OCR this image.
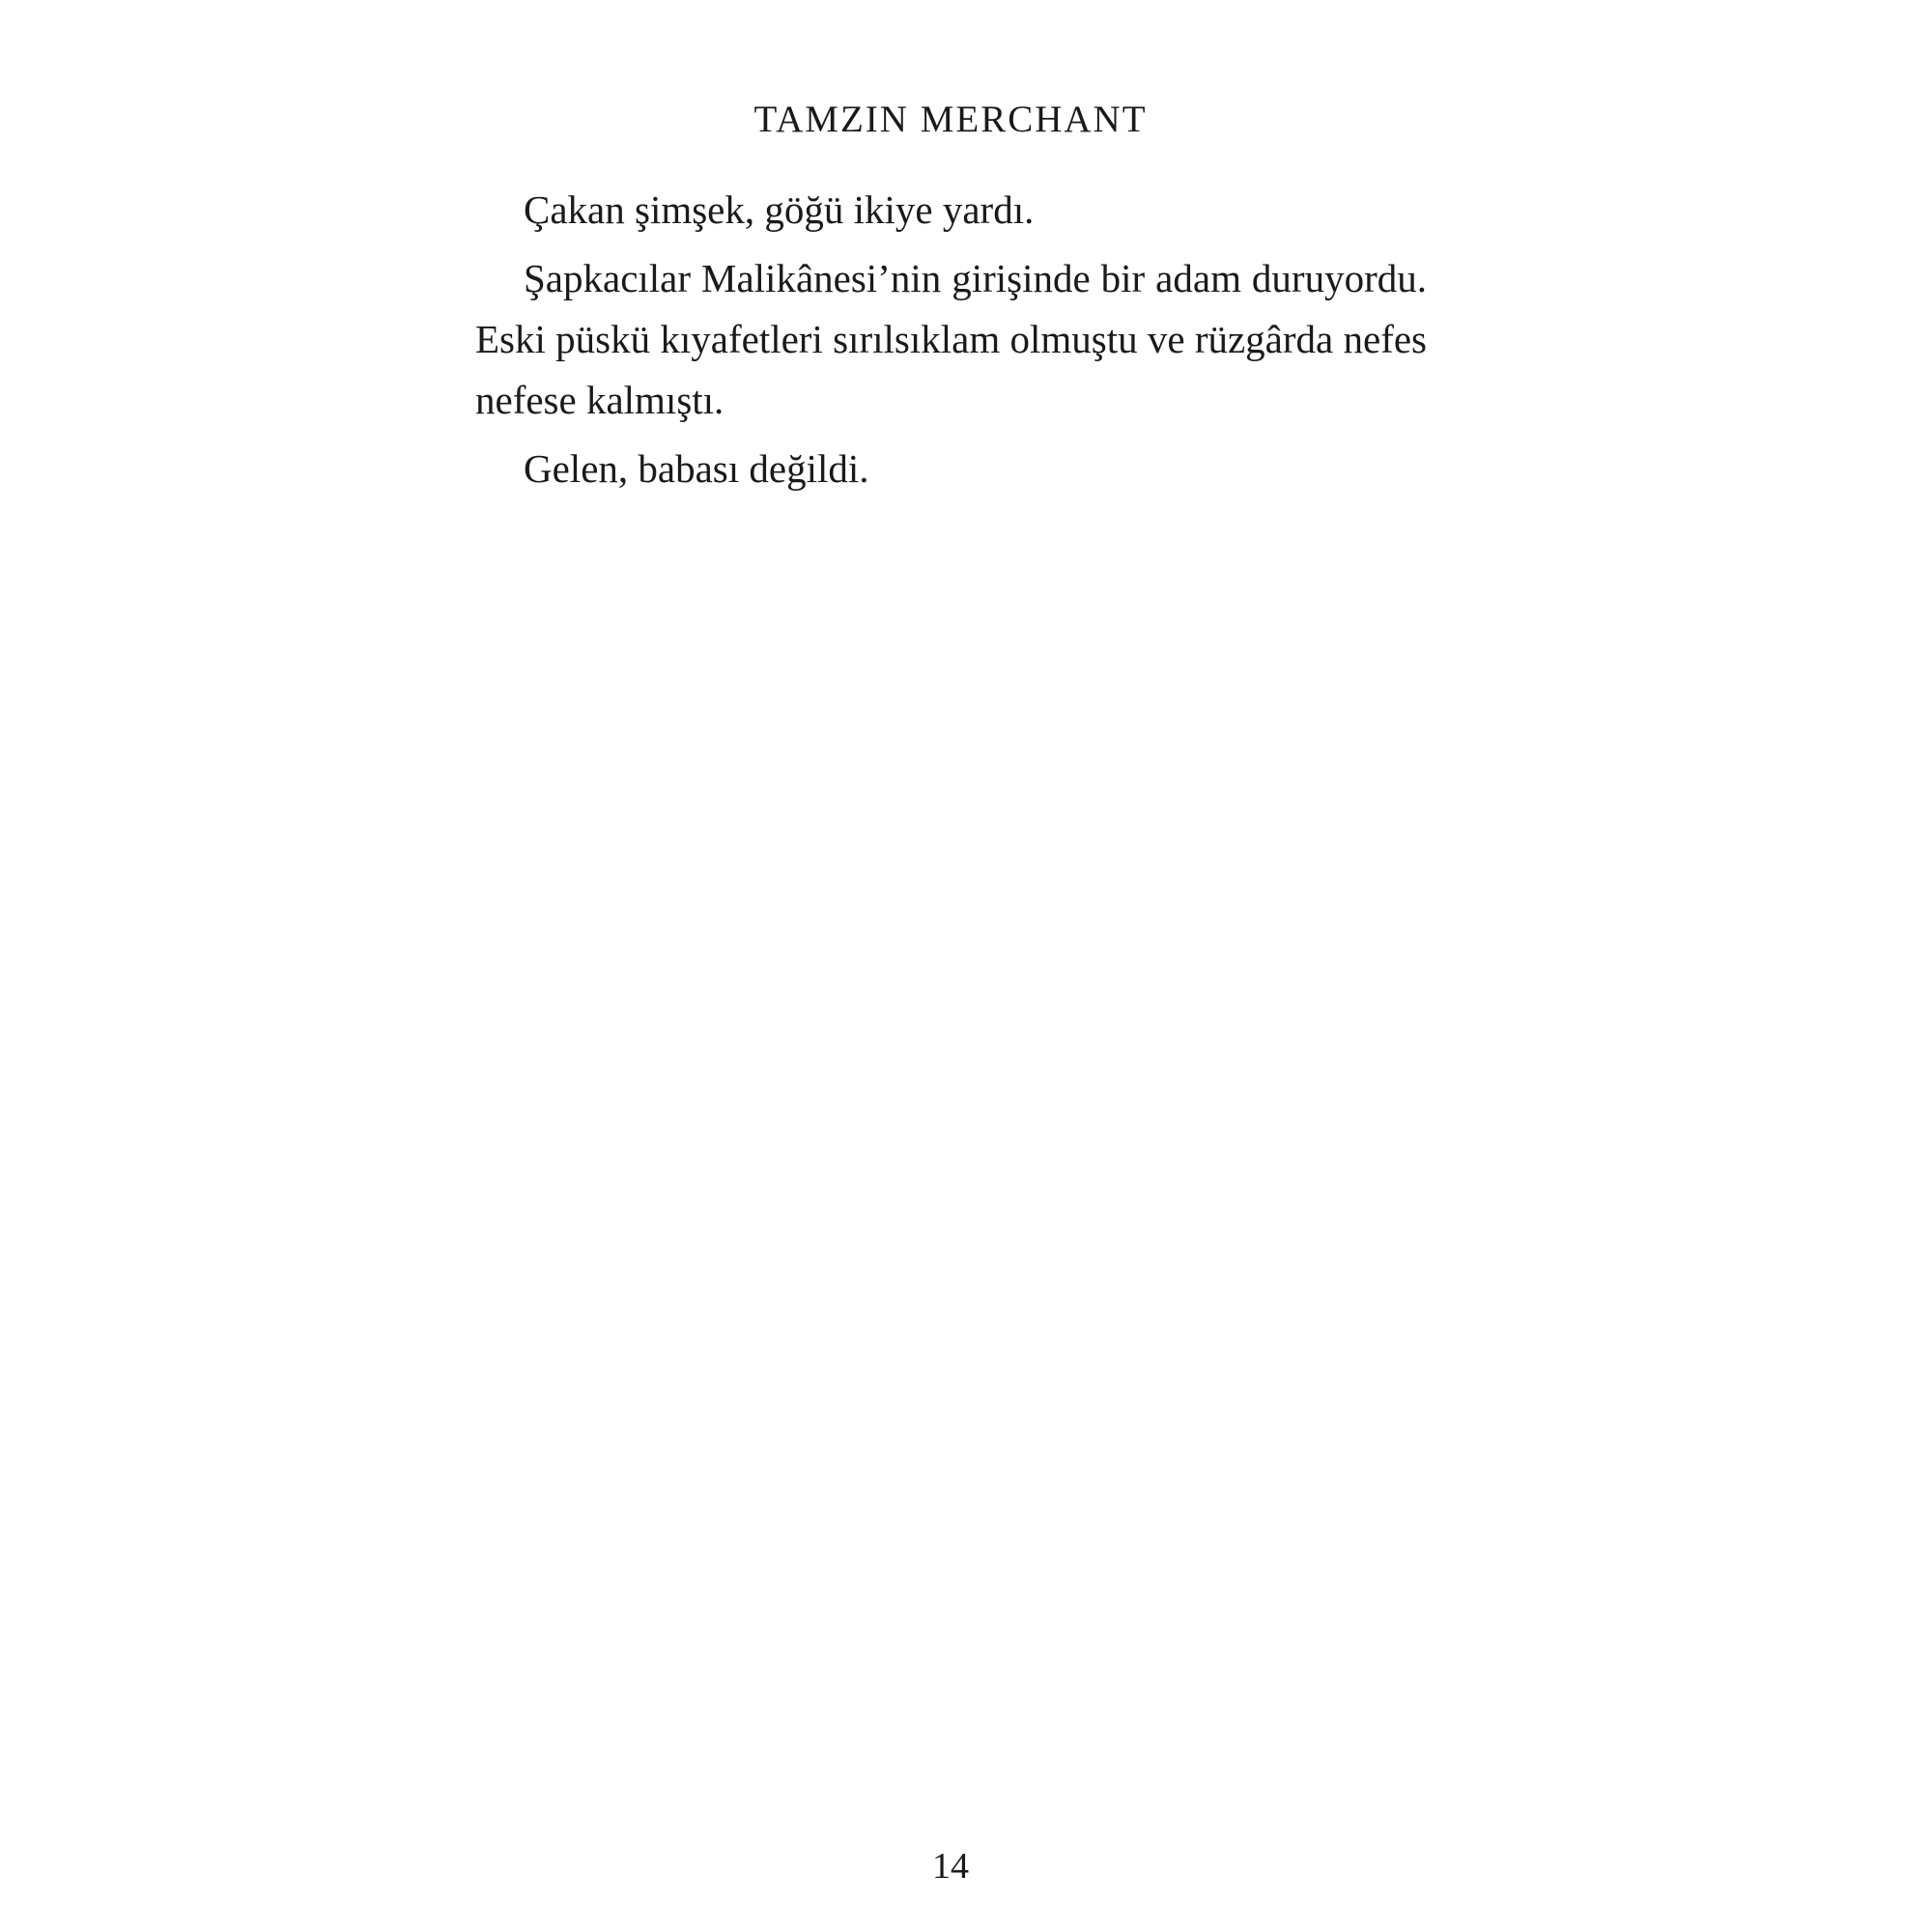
TAMZIN MERCHANT

Çakan şimşek, göğü ikiye yardı.

Şapkacılar Malikânesi’nin girişinde bir adam duruyordu. Eski püskü kıyafetleri sırılsıklam olmuştu ve rüzgârda nefes nefese kalmıştı.

Gelen, babası değildi.

14
